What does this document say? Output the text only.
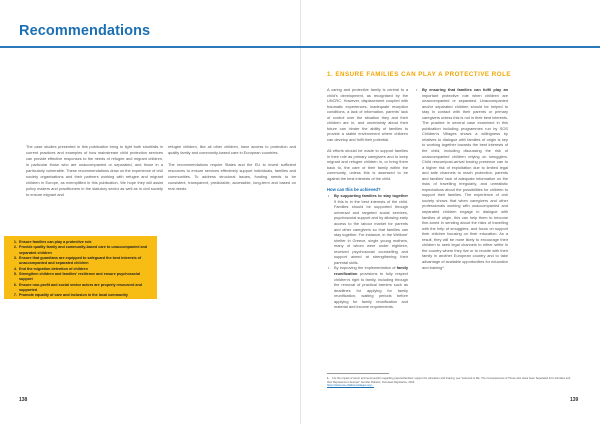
Recommendations

The case studies presented in this publication bring to light both shortfalls in current practices and examples of how mainstream child protection services can provide effective responses to the needs of refugee and migrant children, in particular those who are unaccompanied or separated, and those in a particularly vulnerable. These recommendations draw on the experience of civil society organisations and their partners working with refugee and migrant children in Europe, as exemplified in this publication. We hope they will assist policy makers and practitioners in the statutory sector as well as in civil society to ensure migrant and

refugee children, like all other children, have access to protection and quality family and community-based care in European countries.

The recommendations require States and the EU to invest sufficient resources to ensure services effectively support individuals, families and communities. To address structural issues, funding needs to be consistent, transparent, predictable, accessible, long-term and based on real needs.

1. Ensure families can play a protective role
2. Provide quality family and community-based care to unaccompanied and separated children
3. Ensure that guardians are equipped to safeguard the best interests of unaccompanied and separated children
4. End the migration detention of children
5. Strengthen children and families' resilience and ensure psychosocial support
6. Ensure non-profit and social sector actors are properly resourced and supported
7. Promote equality of care and inclusion in the local community
138
1. ENSURE FAMILIES CAN PLAY A PROTECTIVE ROLE

A caring and protective family is central to a child's development, as recognised by the UNCRC. However, displacement coupled with traumatic experiences, inadequate reception conditions, a lack of information, parents' lack of control over the situation they and their children are in, and uncertainty about their future can hinder the ability of families to provide a stable environment where children can develop and fulfil their potential.

All efforts should be made to support families in their role as primary caregivers and to keep migrant and refugee children in, or bring them back to, the care of their family within the community, unless this is assessed to be against the best interests of the child.

How can this be achieved?
• By supporting families to stay together if this is in the best interests of the child. Families should be supported through universal and targeted social services, psychosocial support and by allowing early access to the labour market for parents and other caregivers so that families can stay together. For instance, in the Welkom' shelter in Greece, single young mothers, many of whom were under eighteen, received psychosocial counselling and support aimed at strengthening their parental skills.
• By improving the implementation of family reunification provisions to fully respect children's right to family, including through the removal of practical barriers such as deadlines for applying for family reunification, waiting periods before applying for family reunification and material and income requirements.
• By ensuring that families can fulfil play an important protective role when children are unaccompanied or separated. Unaccompanied and/or separated children should be helped to stay in contact with their parents or primary caregivers unless this is not in their best interests. The practice in several case examined in this publication including programmes run by SOS Children's Villages shows a willingness by relatives to dialogue with families of origin is key to working together towards the best interests of the child, including discussing the risk of unaccompanied children relying on smugglers. Child rescue/post-arrival tracing presence can to a higher risk of exploitation due to limited legal and safe channels to reach protection, parents and families' lack of adequate information on the risks of travelling irregularly, and unrealistic expectations about the possibilities for children to support their families. The experience of civil society shows that when caregivers and other professionals working with unaccompanied and separated children engage in dialogue with families of origin, this can help them to become fine-tuned in sending about the risks of travelling with the help of smugglers, and focus on support their children focusing on their education. As a result, they will be more likely to encourage their children to seek legal channels to either settle in the country where they live or to reunite with their family in another European country and to take advantage of available opportunities for education and training¹.

1. For the impact of return and reconnection regarding parents/families' support for education and training, see "Listened to Me: The Consequences of Those who Have been Separated from Families and their Represents in Europe" Jennifer Roberts, Overseas Dignitaries, 2019
https://www.sos-childrensvillages.org/...

139
